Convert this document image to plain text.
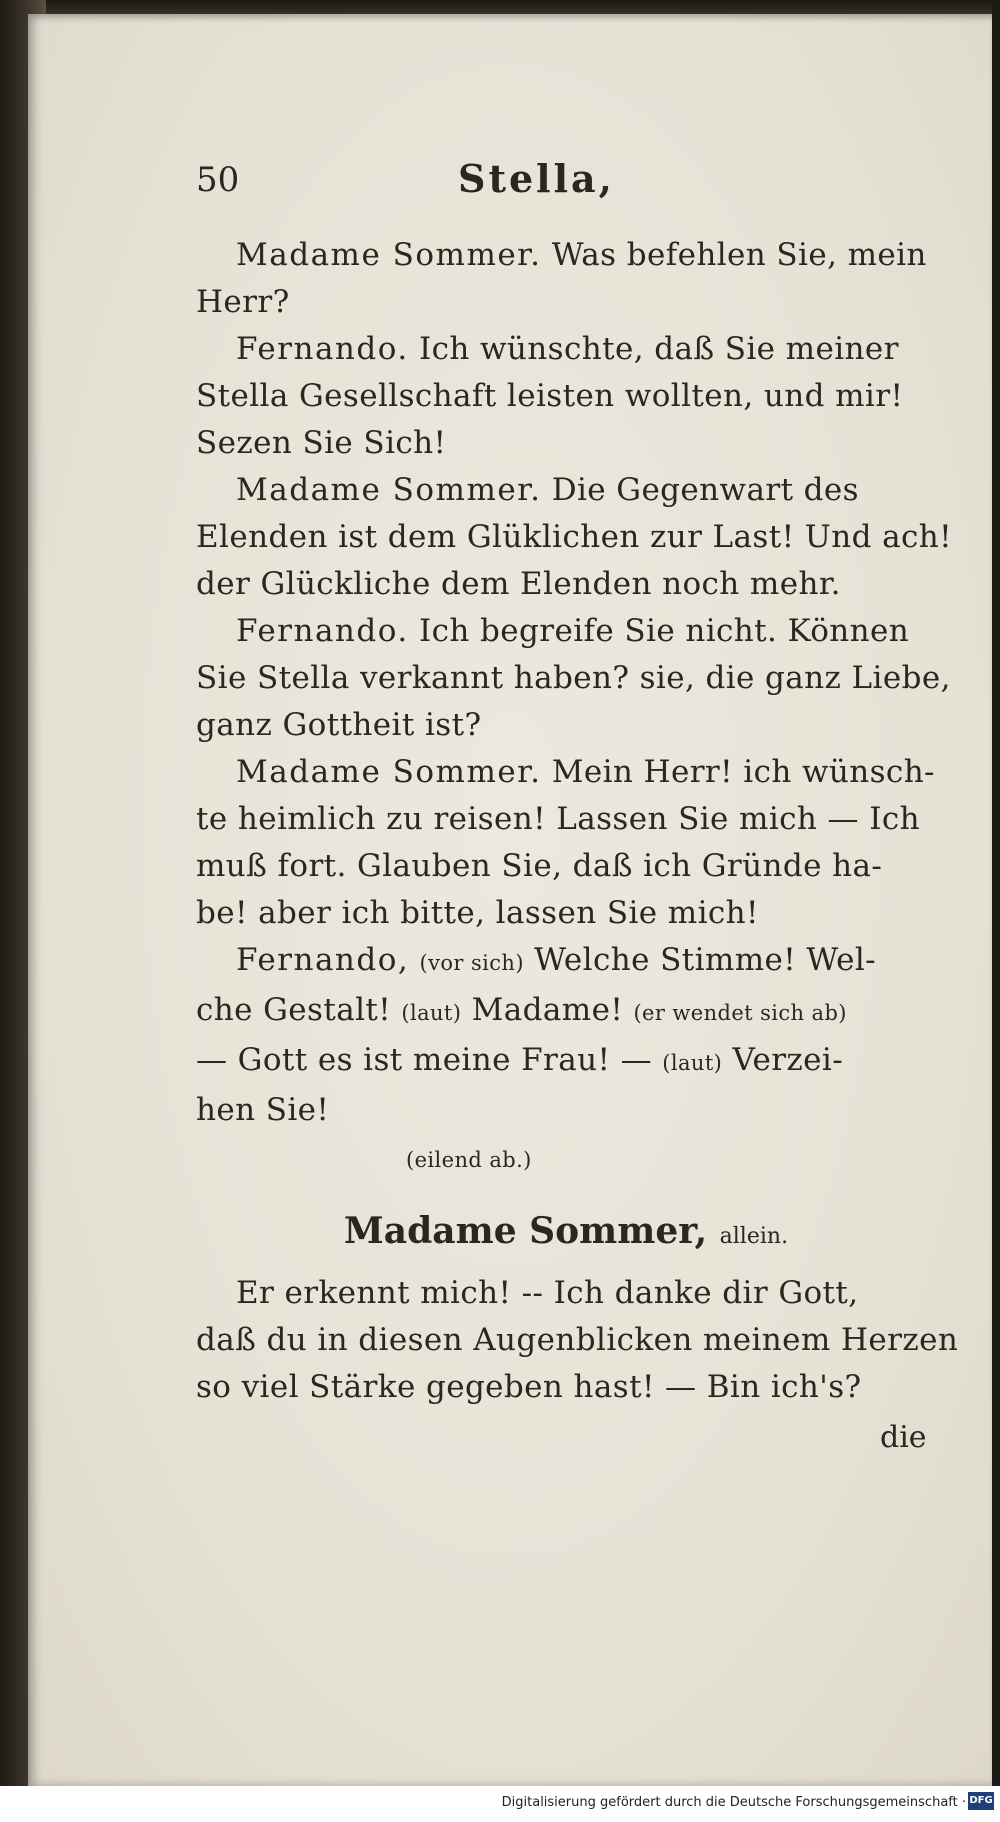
50	Stella,
Madame Sommer. Was befehlen Sie, mein
Herr?
Fernando. Ich wünschte, daß Sie meiner
Stella Gesellschaft leisten wollten, und mir!
Sezen Sie Sich!
Madame Sommer. Die Gegenwart des
Elenden ist dem Glüklichen zur Last! Und ach!
der Glückliche dem Elenden noch mehr.
Fernando. Ich begreife Sie nicht. Können
Sie Stella verkannt haben? sie, die ganz Liebe,
ganz Gottheit ist?
Madame Sommer. Mein Herr! ich wünsch-
te heimlich zu reisen! Lassen Sie mich — Ich
muß fort. Glauben Sie, daß ich Gründe ha-
be! aber ich bitte, lassen Sie mich!
Fernando, (vor sich) Welche Stimme! Wel-
che Gestalt! (laut) Madame! (er wendet sich ab)
— Gott es ist meine Frau! — (laut) Verzei-
hen Sie!
(eilend ab.)
Madame Sommer, allein.
Er erkennt mich! -- Ich danke dir Gott,
daß du in diesen Augenblicken meinem Herzen
so viel Stärke gegeben hast! — Bin ich's?
die
Digitalisierung gefördert durch die Deutsche Forschungsgemeinschaft · DFG
